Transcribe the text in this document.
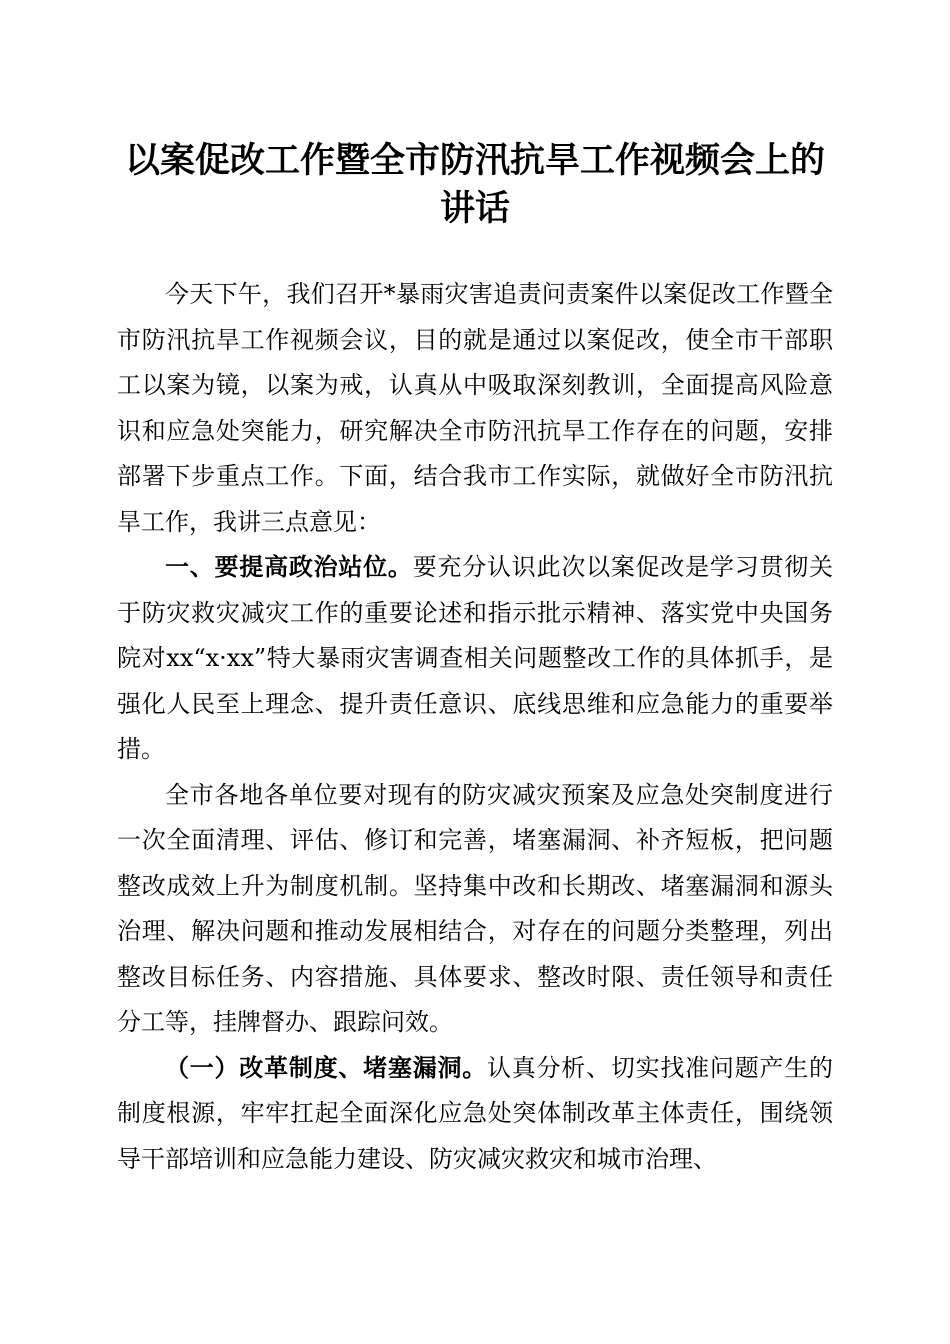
以案促改工作暨全市防汛抗旱工作视频会上的
讲话

今天下午，我们召开*暴雨灾害追责问责案件以案促改工作暨全市防汛抗旱工作视频会议，目的就是通过以案促改，使全市干部职工以案为镜，以案为戒，认真从中吸取深刻教训，全面提高风险意识和应急处突能力，研究解决全市防汛抗旱工作存在的问题，安排部署下步重点工作。下面，结合我市工作实际，就做好全市防汛抗旱工作，我讲三点意见：

一、要提高政治站位。要充分认识此次以案促改是学习贯彻关于防灾救灾减灾工作的重要论述和指示批示精神、落实党中央国务院对xx“x·xx”特大暴雨灾害调查相关问题整改工作的具体抓手，是强化人民至上理念、提升责任意识、底线思维和应急能力的重要举措。

全市各地各单位要对现有的防灾减灾预案及应急处突制度进行一次全面清理、评估、修订和完善，堵塞漏洞、补齐短板，把问题整改成效上升为制度机制。坚持集中改和长期改、堵塞漏洞和源头治理、解决问题和推动发展相结合，对存在的问题分类整理，列出整改目标任务、内容措施、具体要求、整改时限、责任领导和责任分工等，挂牌督办、跟踪问效。

（一）改革制度、堵塞漏洞。认真分析、切实找准问题产生的制度根源，牢牢扛起全面深化应急处突体制改革主体责任，围绕领导干部培训和应急能力建设、防灾减灾救灾和城市治理、
